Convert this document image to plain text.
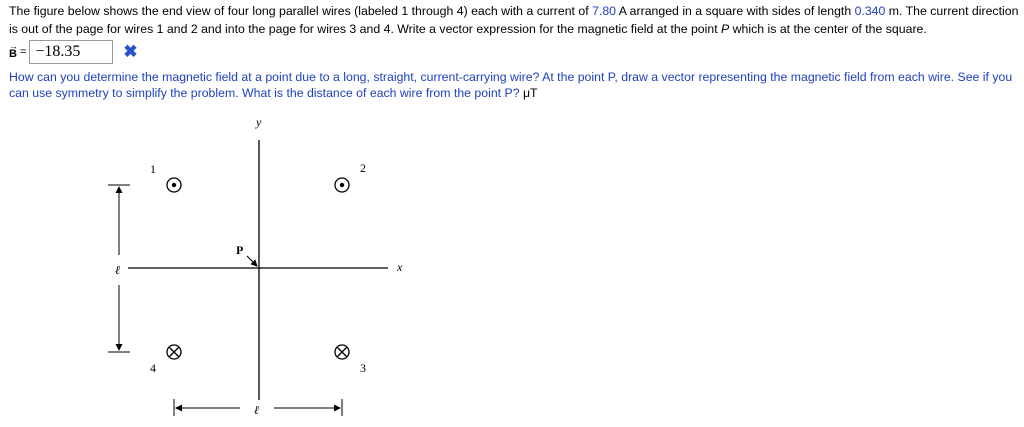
The figure below shows the end view of four long parallel wires (labeled 1 through 4) each with a current of 7.80 A arranged in a square with sides of length 0.340 m. The current direction is out of the page for wires 1 and 2 and into the page for wires 3 and 4. Write a vector expression for the magnetic field at the point P which is at the center of the square.
→
B = −18.35	✖
How can you determine the magnetic field at a point due to a long, straight, current-carrying wire? At the point P, draw a vector representing the magnetic field from each wire. See if you can use symmetry to simplify the problem. What is the distance of each wire from the point P? μT
y
x
P
1	2
3
4
ℓ
ℓ
